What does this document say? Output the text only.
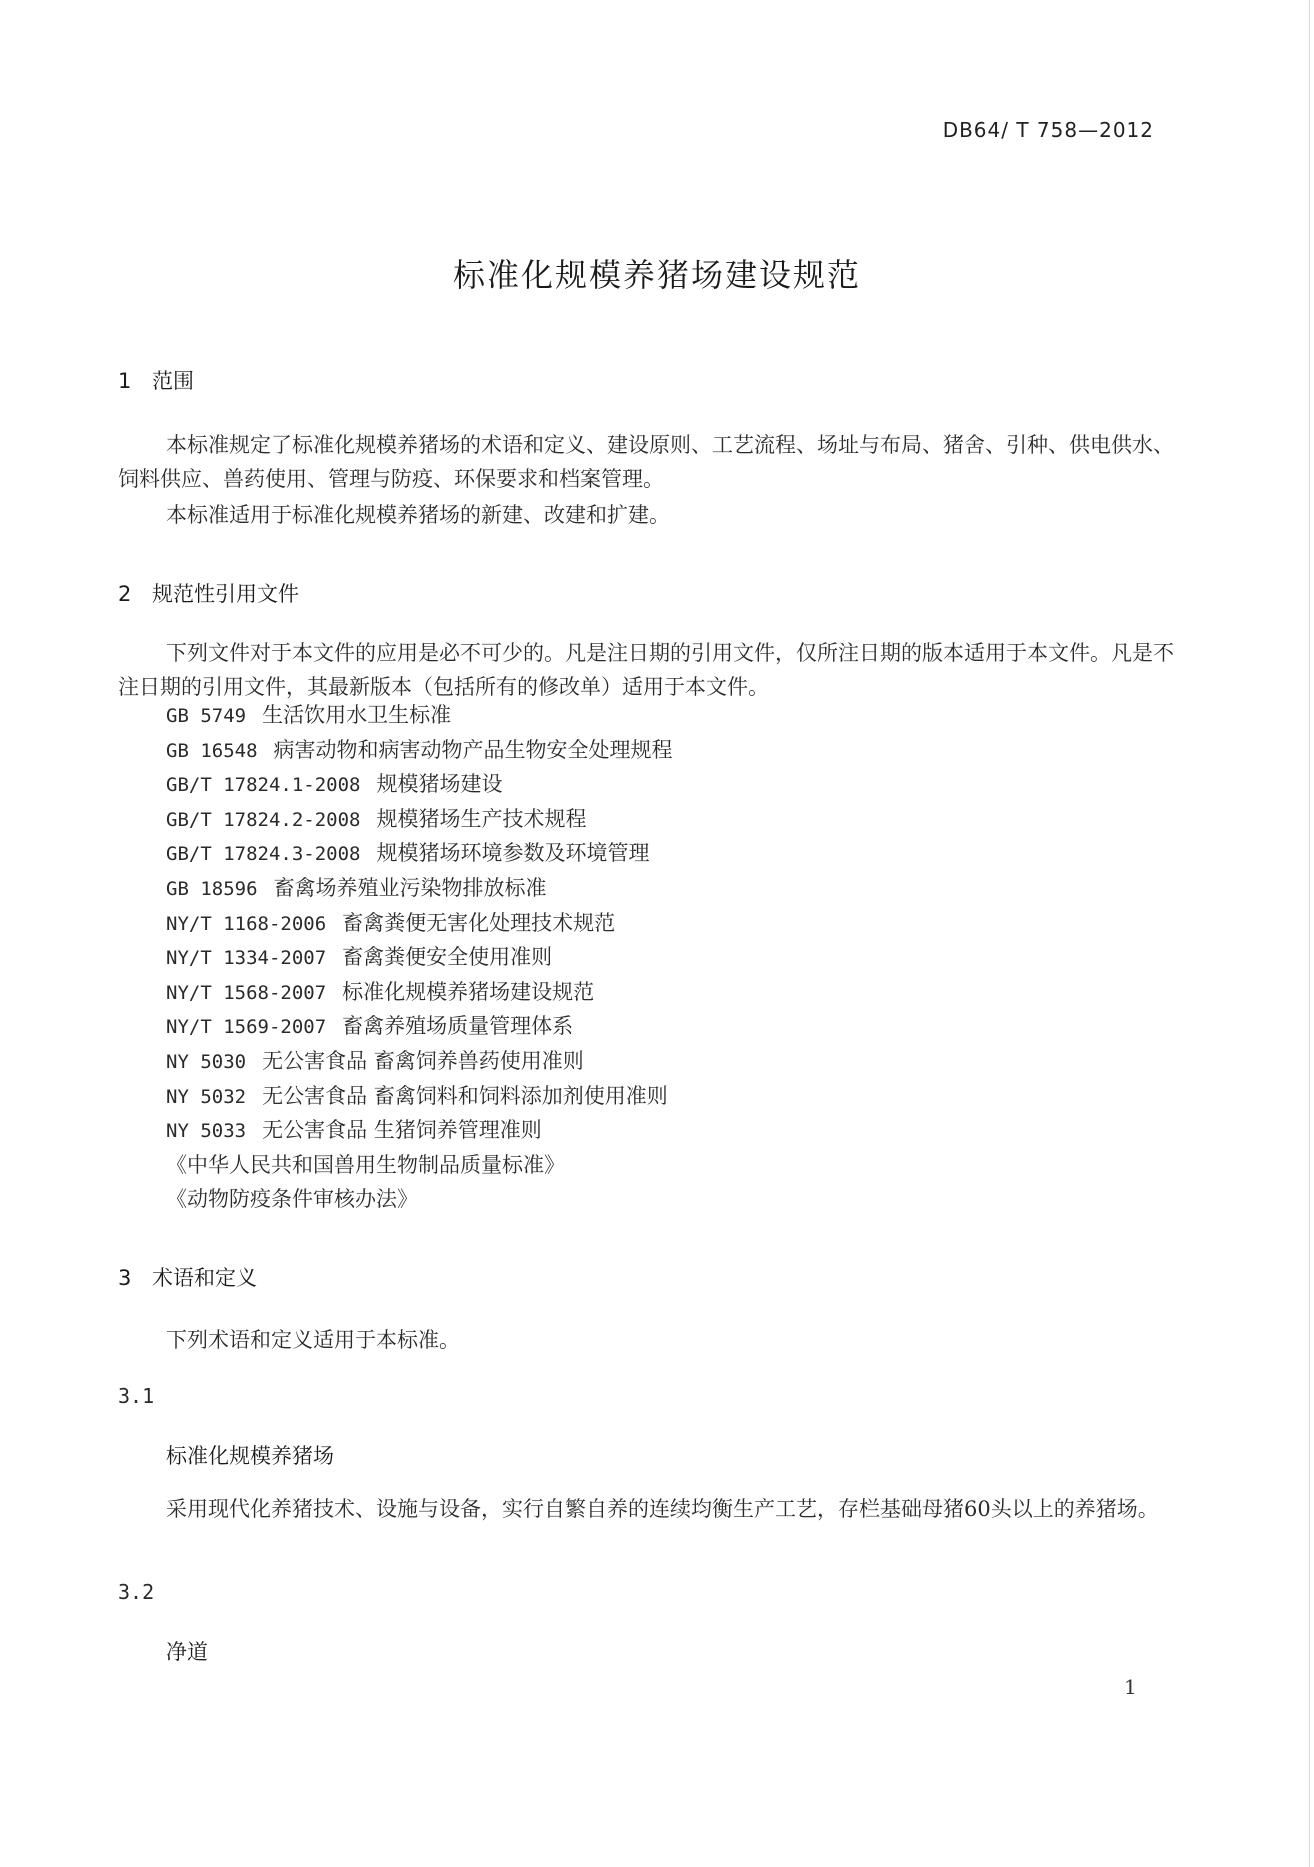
DB64/ T 758—2012
标准化规模养猪场建设规范
1 范围
本标准规定了标准化规模养猪场的术语和定义、建设原则、工艺流程、场址与布局、猪舍、引种、供电供水、饲料供应、兽药使用、管理与防疫、环保要求和档案管理。
本标准适用于标准化规模养猪场的新建、改建和扩建。
2 规范性引用文件
下列文件对于本文件的应用是必不可少的。凡是注日期的引用文件，仅所注日期的版本适用于本文件。凡是不注日期的引用文件，其最新版本（包括所有的修改单）适用于本文件。
GB 5749 生活饮用水卫生标准
GB 16548 病害动物和病害动物产品生物安全处理规程
GB/T 17824.1-2008 规模猪场建设
GB/T 17824.2-2008 规模猪场生产技术规程
GB/T 17824.3-2008 规模猪场环境参数及环境管理
GB 18596 畜禽场养殖业污染物排放标准
NY/T 1168-2006 畜禽粪便无害化处理技术规范
NY/T 1334-2007 畜禽粪便安全使用准则
NY/T 1568-2007 标准化规模养猪场建设规范
NY/T 1569-2007 畜禽养殖场质量管理体系
NY 5030 无公害食品 畜禽饲养兽药使用准则
NY 5032 无公害食品 畜禽饲料和饲料添加剂使用准则
NY 5033 无公害食品 生猪饲养管理准则
《中华人民共和国兽用生物制品质量标准》
《动物防疫条件审核办法》
3 术语和定义
下列术语和定义适用于本标准。
3.1
标准化规模养猪场
采用现代化养猪技术、设施与设备，实行自繁自养的连续均衡生产工艺，存栏基础母猪60头以上的养猪场。
3.2
净道
1
